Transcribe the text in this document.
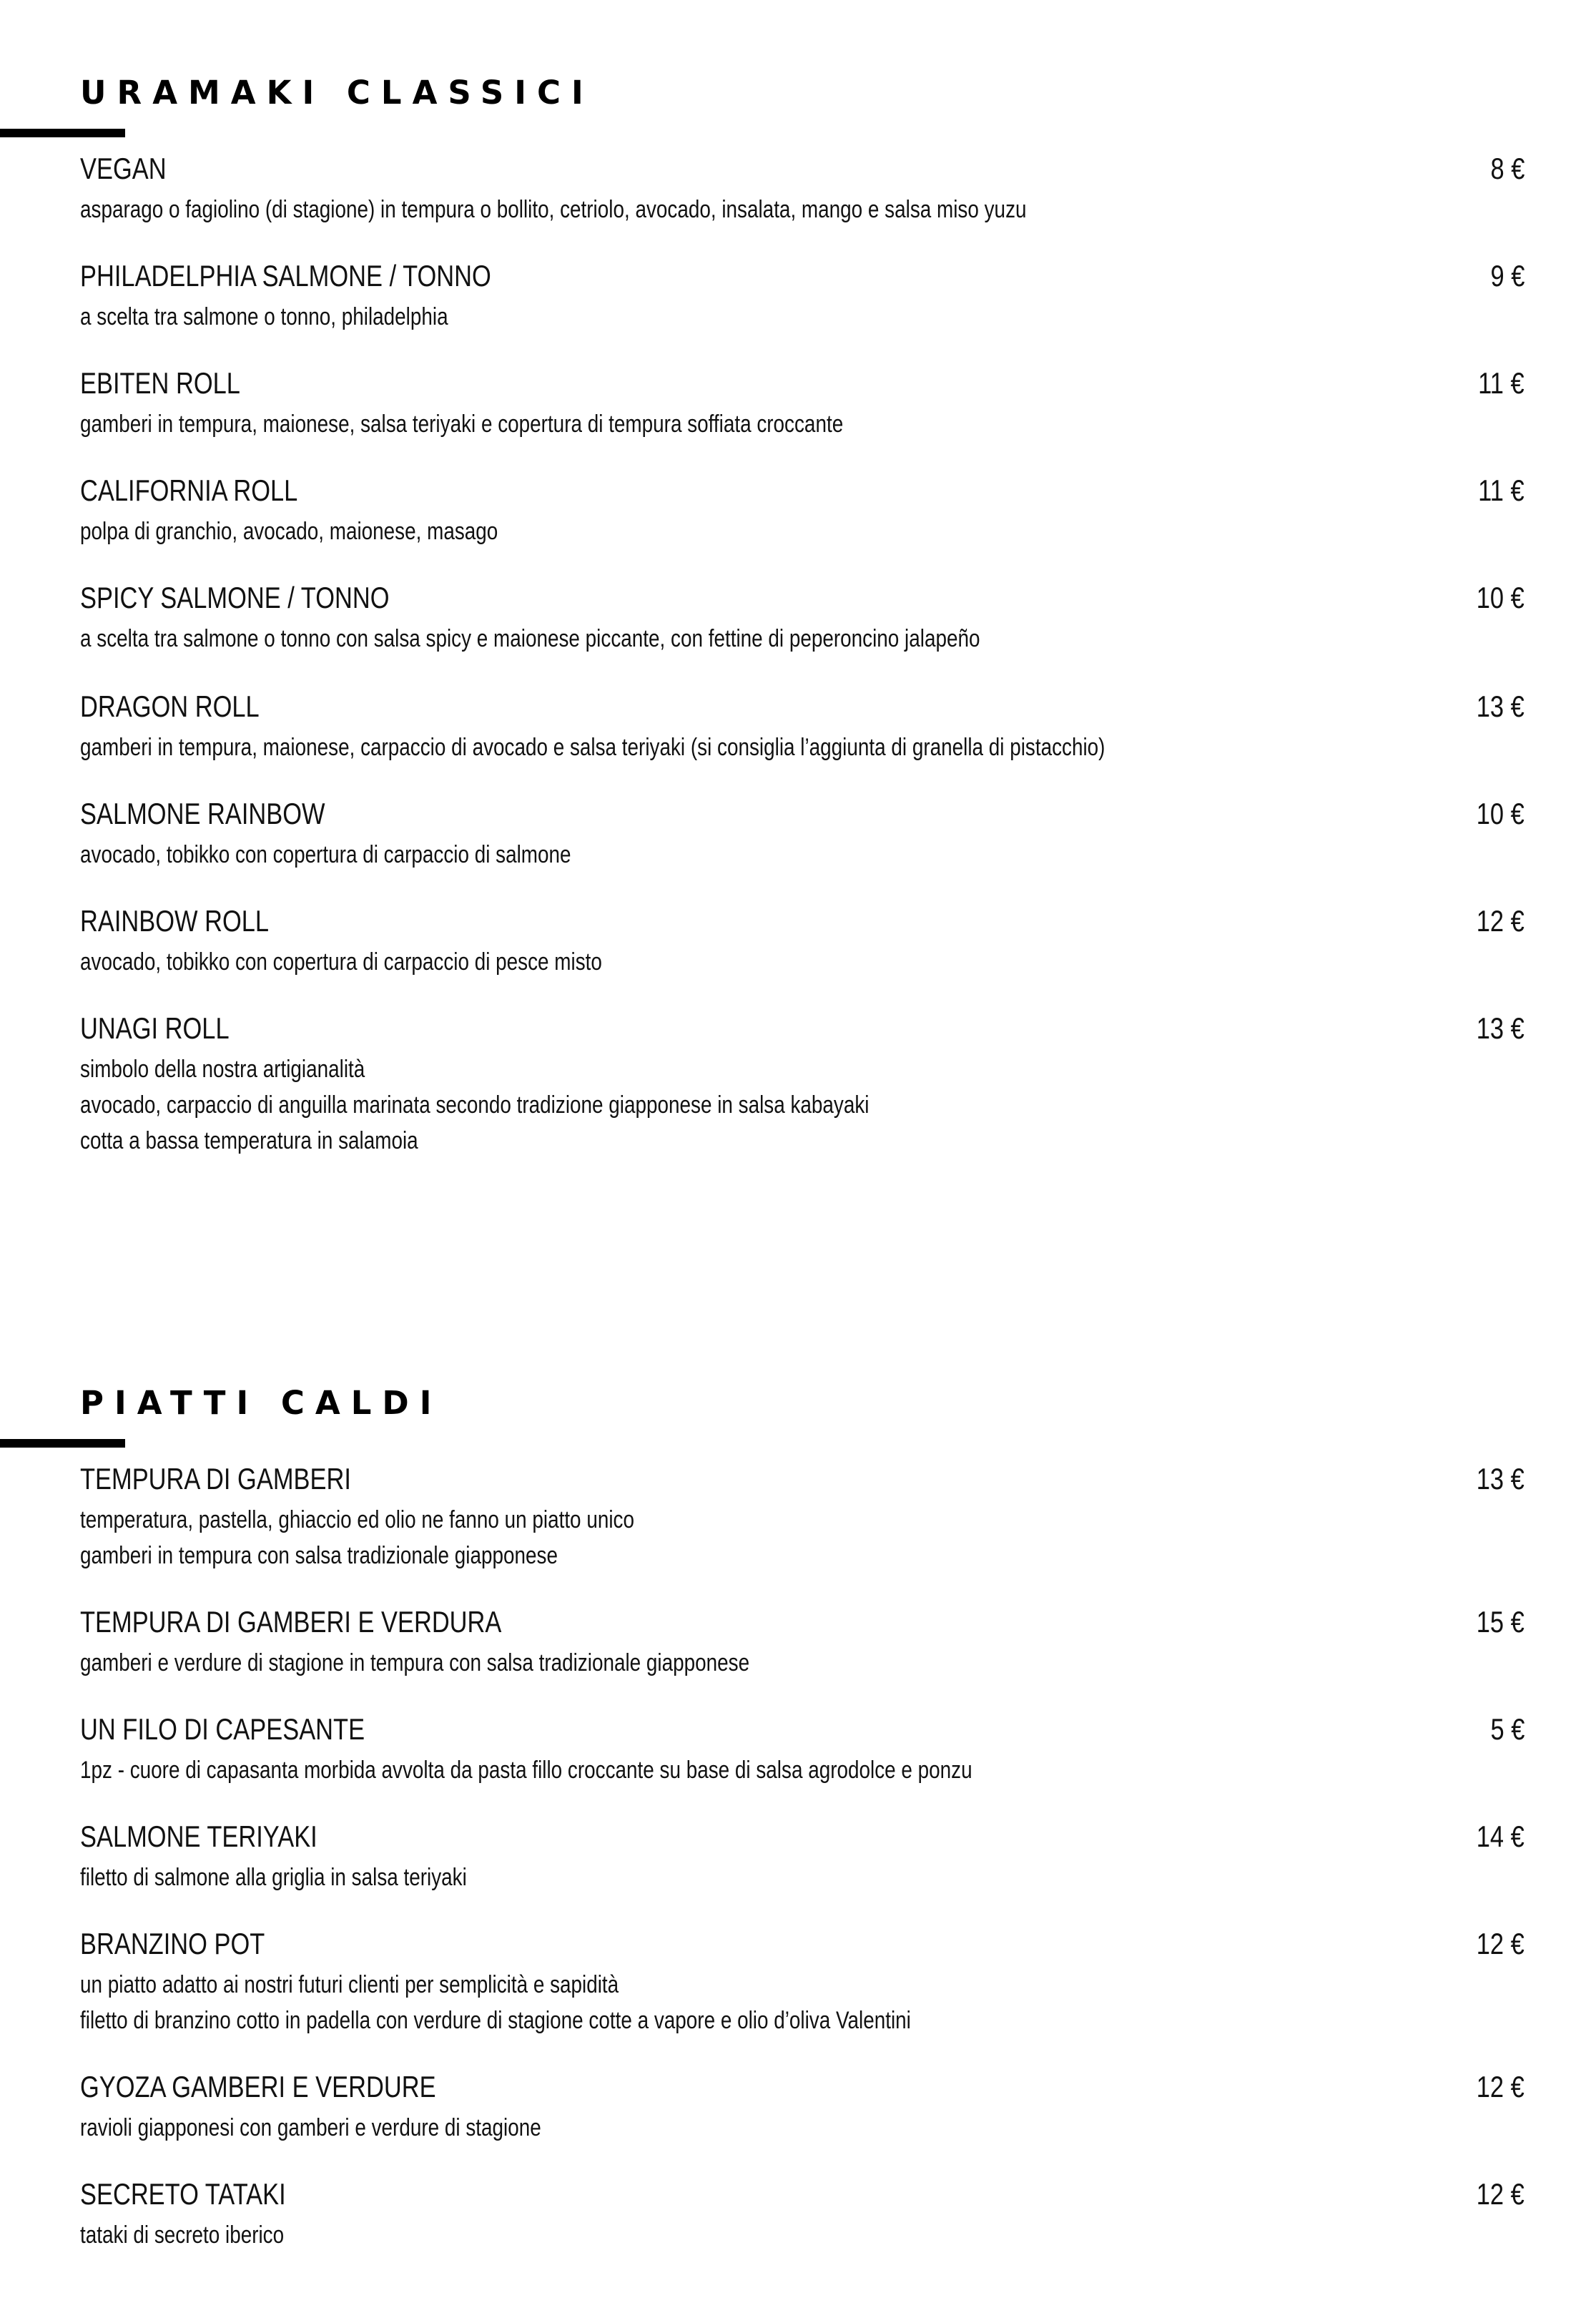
URAMAKI CLASSICI
VEGAN	8 €
asparago o fagiolino (di stagione) in tempura o bollito, cetriolo, avocado, insalata, mango e salsa miso yuzu
PHILADELPHIA SALMONE / TONNO	9 €
a scelta tra salmone o tonno, philadelphia
EBITEN ROLL	11 €
gamberi in tempura, maionese, salsa teriyaki e copertura di tempura soffiata croccante
CALIFORNIA ROLL	11 €
polpa di granchio, avocado, maionese, masago
SPICY SALMONE / TONNO	10 €
a scelta tra salmone o tonno con salsa spicy e maionese piccante, con fettine di peperoncino jalapeño
DRAGON ROLL	13 €
gamberi in tempura, maionese, carpaccio di avocado e salsa teriyaki (si consiglia l’aggiunta di granella di pistacchio)
SALMONE RAINBOW	10 €
avocado, tobikko con copertura di carpaccio di salmone
RAINBOW ROLL	12 €
avocado, tobikko con copertura di carpaccio di pesce misto
UNAGI ROLL	13 €
simbolo della nostra artigianalità
avocado, carpaccio di anguilla marinata secondo tradizione giapponese in salsa kabayaki
cotta a bassa temperatura in salamoia
PIATTI CALDI
TEMPURA DI GAMBERI	13 €
temperatura, pastella, ghiaccio ed olio ne fanno un piatto unico
gamberi in tempura con salsa tradizionale giapponese
TEMPURA DI GAMBERI E VERDURA	15 €
gamberi e verdure di stagione in tempura con salsa tradizionale giapponese
UN FILO DI CAPESANTE	5 €
1pz - cuore di capasanta morbida avvolta da pasta fillo croccante su base di salsa agrodolce e ponzu
SALMONE TERIYAKI	14 €
filetto di salmone alla griglia in salsa teriyaki
BRANZINO POT	12 €
un piatto adatto ai nostri futuri clienti per semplicità e sapidità
filetto di branzino cotto in padella con verdure di stagione cotte a vapore e olio d’oliva Valentini
GYOZA GAMBERI E VERDURE	12 €
ravioli giapponesi con gamberi e verdure di stagione
SECRETO TATAKI	12 €
tataki di secreto iberico
